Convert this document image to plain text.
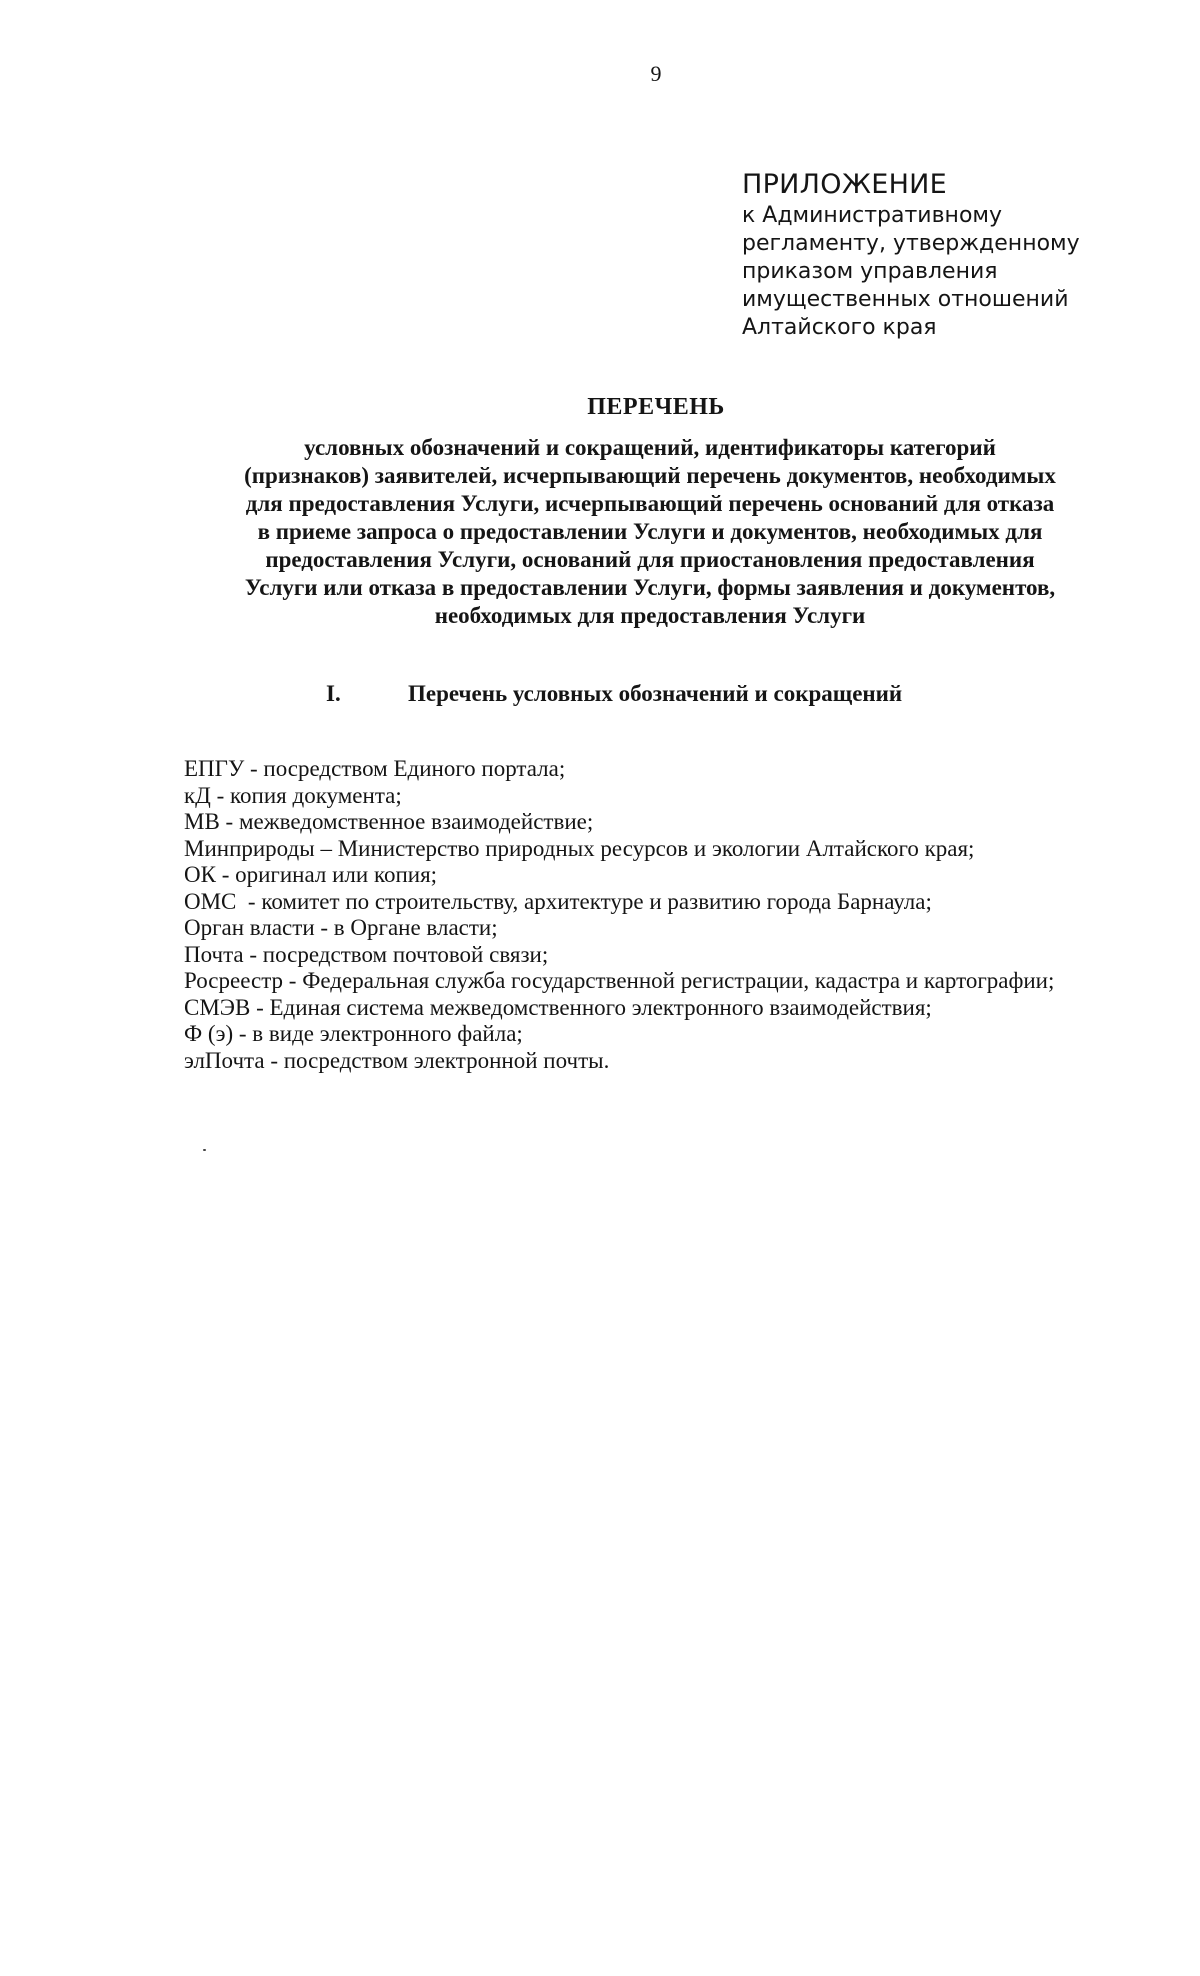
9
ПРИЛОЖЕНИЕ
к Административному
регламенту, утвержденному
приказом управления
имущественных отношений
Алтайского края
ПЕРЕЧЕНЬ
условных обозначений и сокращений, идентификаторы категорий
(признаков) заявителей, исчерпывающий перечень документов, необходимых
для предоставления Услуги, исчерпывающий перечень оснований для отказа
в приеме запроса о предоставлении Услуги и документов, необходимых для
предоставления Услуги, оснований для приостановления предоставления
Услуги или отказа в предоставлении Услуги, формы заявления и документов,
необходимых для предоставления Услуги
I.	Перечень условных обозначений и сокращений
ЕПГУ - посредством Единого портала;
кД - копия документа;
МВ - межведомственное взаимодействие;
Минприроды – Министерство природных ресурсов и экологии Алтайского края;
ОК - оригинал или копия;
ОМС  - комитет по строительству, архитектуре и развитию города Барнаула;
Орган власти - в Органе власти;
Почта - посредством почтовой связи;
Росреестр - Федеральная служба государственной регистрации, кадастра и картографии;
СМЭВ - Единая система межведомственного электронного взаимодействия;
Ф (э) - в виде электронного файла;
элПочта - посредством электронной почты.
